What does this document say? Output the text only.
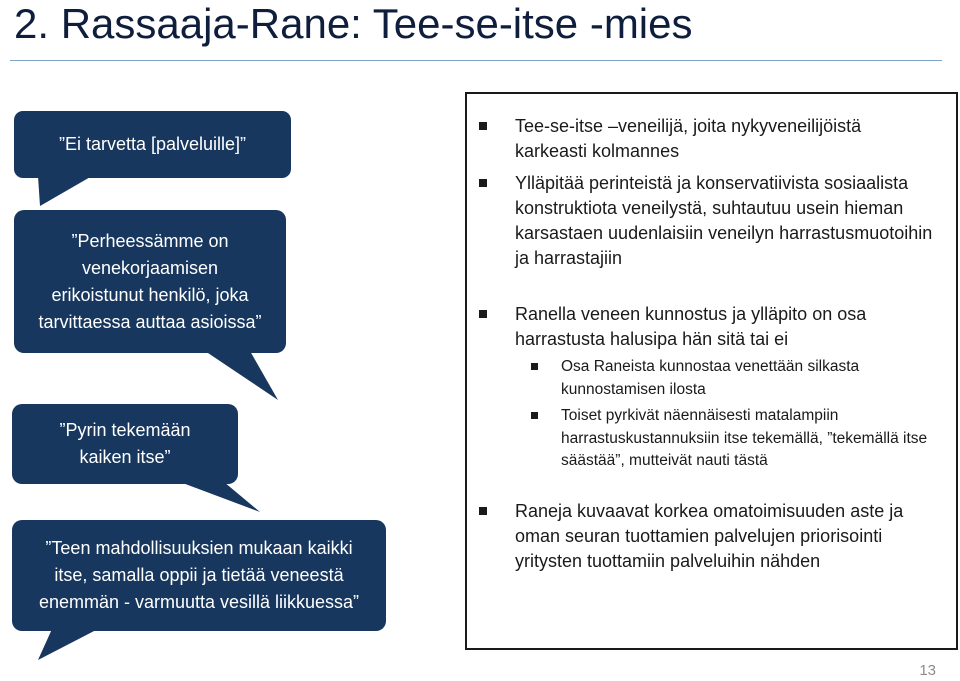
2. Rassaaja-Rane: Tee-se-itse -mies
”Ei tarvetta [palveluille]”
”Perheessämme on venekorjaamisen erikoistunut henkilö, joka tarvittaessa auttaa asioissa”
”Pyrin tekemään kaiken itse”
”Teen mahdollisuuksien mukaan kaikki itse, samalla oppii ja tietää veneestä enemmän - varmuutta vesillä liikkuessa”
Tee-se-itse –veneilijä, joita nykyveneilijöistä karkeasti kolmannes
Ylläpitää perinteistä ja konservatiivista sosiaalista konstruktiota veneilystä, suhtautuu usein hieman karsastaen uudenlaisiin veneilyn harrastusmuotoihin ja harrastajiin
Ranella veneen kunnostus ja ylläpito on osa harrastusta halusipa hän sitä tai ei
Osa Raneista kunnostaa venettään silkasta kunnostamisen ilosta
Toiset pyrkivät näennäisesti matalampiin harrastuskustannuksiin itse tekemällä, ”tekemällä itse säästää”, mutteivät nauti tästä
Raneja kuvaavat korkea omatoimisuuden aste ja oman seuran tuottamien palvelujen priorisointi yritysten tuottamiin palveluihin nähden
13
